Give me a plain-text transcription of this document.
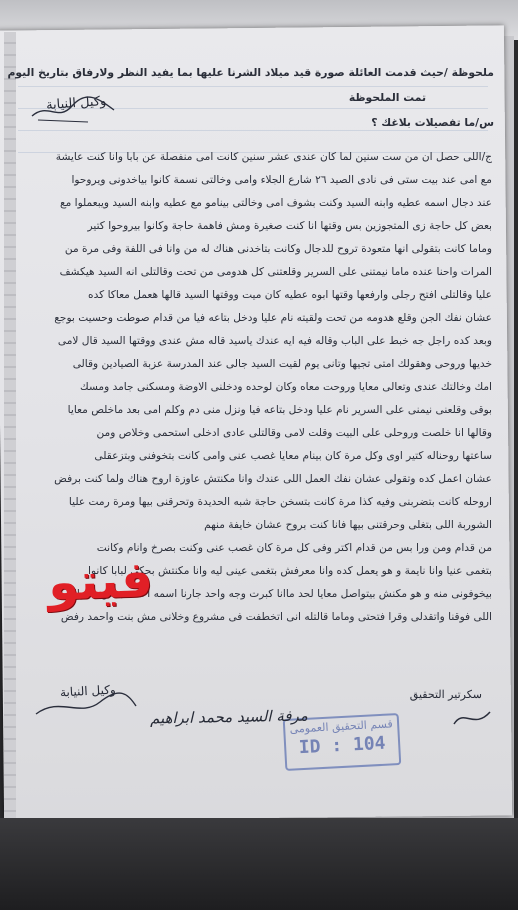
ملحوظة /حيث قدمت العائلة صورة قيد ميلاد الشرنا عليها بما يفيد النظر ولارفاق بتاريخ اليوم
تمت الملحوظة
س/ما تفصيلات بلاغك ؟
وكيل النيابة
ج/اللى حصل ان من ست سنين لما كان عندى عشر سنين كانت امى منفصلة عن بابا وانا كنت عايشة
مع امى عند بيت ستى فى نادى الصيد ٢٦ شارع الجلاء وامى وخالتى نسمة كانوا بياخدونى ويروحوا
عند دجال اسمه عطيه وابنه السيد وكنت بشوف امى وخالتى بينامو مع عطيه وابنه السيد ويبعملوا مع
بعض كل حاجة زى المتجوزين بس وقتها انا كنت صغيرة ومش فاهمة حاجة وكانوا بيروحوا كتير
وماما كانت بتقولى انها متعودة تروح للدجال وكانت بتاخدنى هناك له من وانا فى اللفة وفى مرة من
المرات واحنا عنده ماما نيمتنى على السرير وقلعتنى كل هدومى من تحت وقالتلى انه السيد هيكشف
عليا وقالتلى افتح رجلى وارفعها وقتها ابوه عطيه كان ميت ووقتها السيد قالها هعمل معاكا كده
عشان نفك الجن وقلع هدومه من تحت ولقيته نام عليا ودخل بتاعه فيا من قدام صوطت وحسيت بوجع
وبعد كده راجل جه خبط على الباب وقاله فيه ايه عندك ياسيد قاله مش عندى ووقتها السيد قال لامى
خديها وروحى وهقولك امتى تجيها وتانى يوم لقيت السيد جالى عند المدرسة عزبة الصيادين وقالى
امك وخالتك عندى وتعالى معايا وروحت معاه وكان لوحده ودخلنى الاوضة ومسكنى جامد ومسك
بوقى وقلعنى نيمنى على السرير نام عليا ودخل بتاعه فيا ونزل منى دم وكلم امى بعد ماخلص معايا
وقالها انا خلصت وروحلى على البيت وقلت لامى وقالتلى عادى ادخلى استحمى وخلاص ومن
ساعتها روحناله كتير اوى وكل مرة كان بينام معايا غصب عنى وامى كانت بتخوفنى وبتزعقلى
عشان اعمل كده وتقولى عشان نفك العمل اللى عندك وانا مكنتش عاوزة اروح هناك ولما كنت برفض
اروحله كانت بتضربنى وفيه كذا مرة كانت بتسخن حاجة شبه الحديدة وتحرقنى بيها ومرة رمت عليا
الشوربة اللى بتغلى وحرقتنى بيها فانا كنت بروح عشان خايفة منهم
من قدام ومن ورا بس من قدام اكتر وفى كل مرة كان غصب عنى وكنت بصرخ وانام وكانت
بتغمى عنيا وانا نايمة و هو يعمل كده وانا معرفش بتغمى عينى ليه وانا مكنتش بحكى لبابا كانوا
بيخوفونى منه و هو مكنش بيتواصل معايا لحد ماانا كبرت وجه واحد جارنا اسمه احمد ساكن فى الدور
اللى فوقنا واتقدلى وقرا فتحتى وماما قالتله انى اتخطفت فى مشروع وخلانى مش بنت واحمد رفض
فيتو
قسم التحقيق العمومى
ID : 104
سكرتير التحقيق
مرفة السيد محمد ابراهيم
وكيل النيابة
